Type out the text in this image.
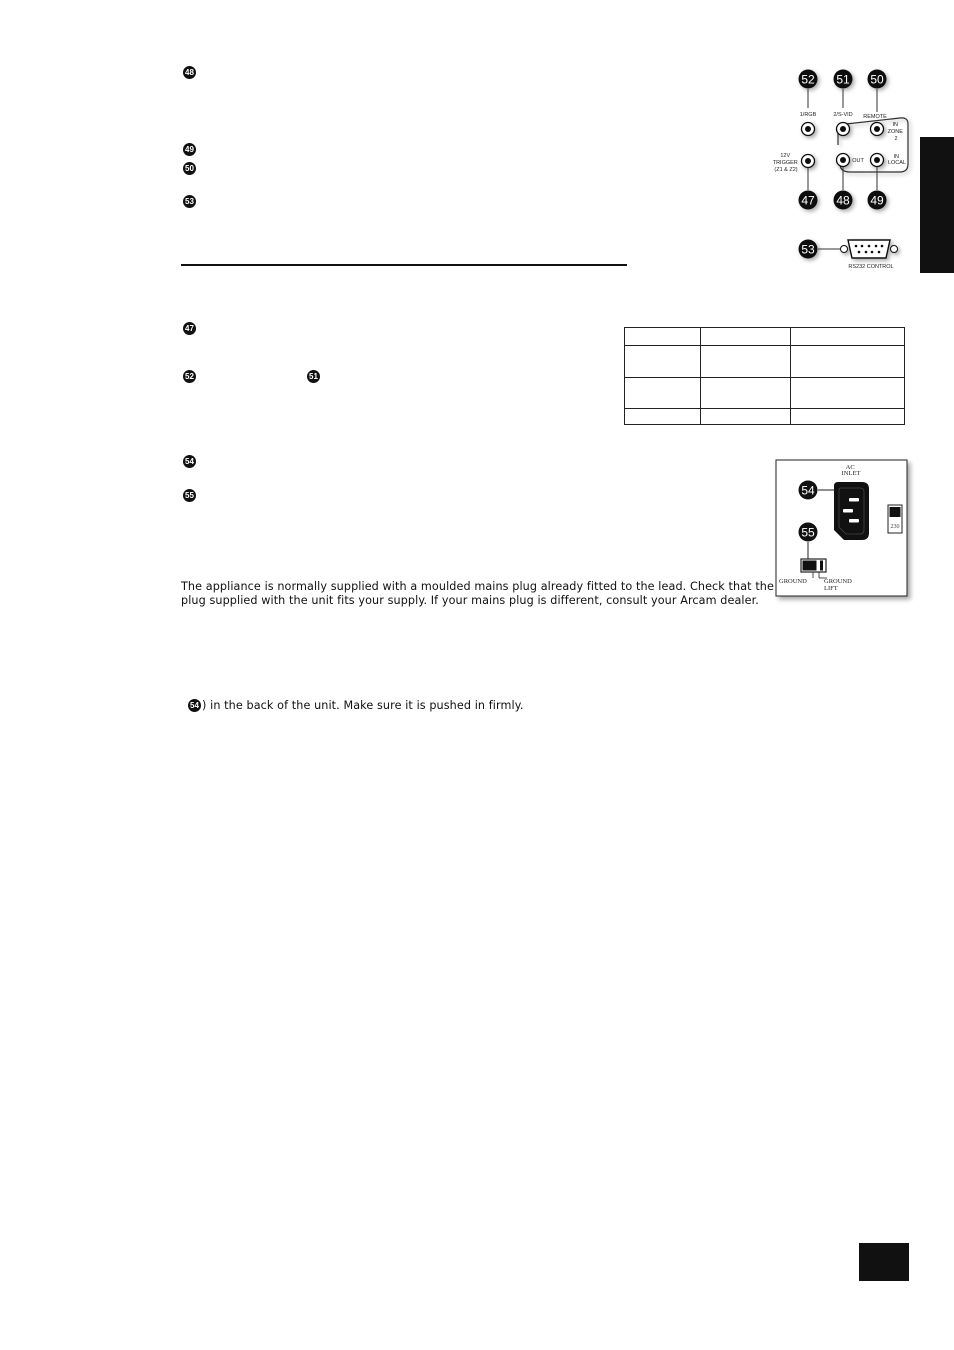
48
49
50
53
47
52	51
54
55

The appliance is normally supplied with a moulded mains plug already fitted to the lead. Check that the
plug supplied with the unit fits your supply. If your mains plug is different, consult your Arcam dealer.
54 ) in the back of the unit. Make sure it is pushed in firmly.
52 51 50
1/RGB	2/S-VID REMOTE
IN ZONE 2
12V TRIGGER (Z1 & Z2)
OUT
IN LOCAL
47 48 49
53
RS232 CONTROL
AC INLET
230
54
55
GROUND	GROUND LIFT
